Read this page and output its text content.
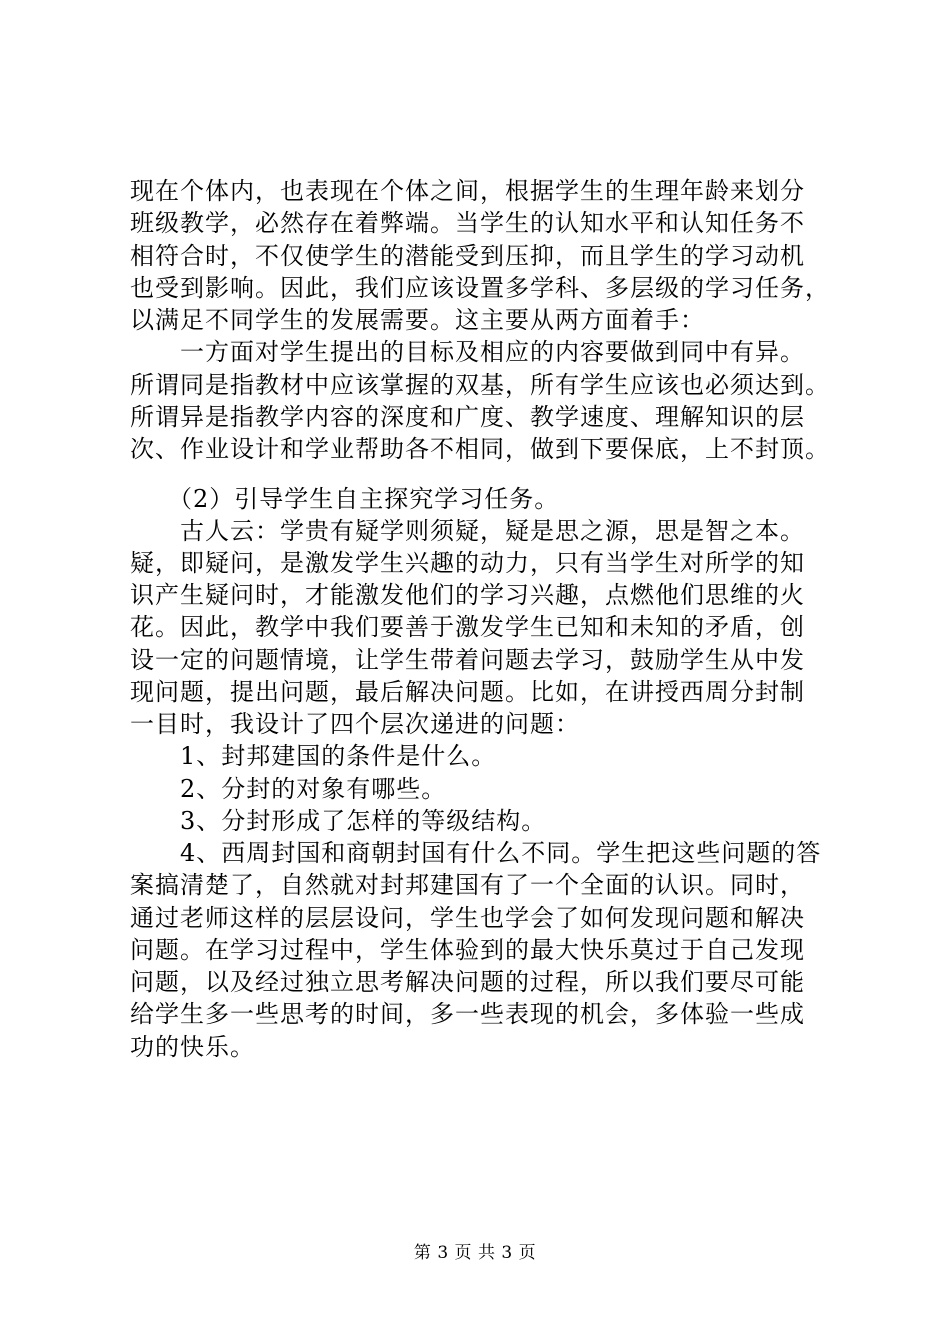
现在个体内，也表现在个体之间，根据学生的生理年龄来划分
班级教学，必然存在着弊端。当学生的认知水平和认知任务不
相符合时，不仅使学生的潜能受到压抑，而且学生的学习动机
也受到影响。因此，我们应该设置多学科、多层级的学习任务，
以满足不同学生的发展需要。这主要从两方面着手：
　　一方面对学生提出的目标及相应的内容要做到同中有异。
所谓同是指教材中应该掌握的双基，所有学生应该也必须达到。
所谓异是指教学内容的深度和广度、教学速度、理解知识的层
次、作业设计和学业帮助各不相同，做到下要保底，上不封顶。
　　（2）引导学生自主探究学习任务。
　　古人云：学贵有疑学则须疑，疑是思之源，思是智之本。
疑，即疑问，是激发学生兴趣的动力，只有当学生对所学的知
识产生疑问时，才能激发他们的学习兴趣，点燃他们思维的火
花。因此，教学中我们要善于激发学生已知和未知的矛盾，创
设一定的问题情境，让学生带着问题去学习，鼓励学生从中发
现问题，提出问题，最后解决问题。比如，在讲授西周分封制
一目时，我设计了四个层次递进的问题：
　　1、封邦建国的条件是什么。
　　2、分封的对象有哪些。
　　3、分封形成了怎样的等级结构。
　　4、西周封国和商朝封国有什么不同。学生把这些问题的答
案搞清楚了，自然就对封邦建国有了一个全面的认识。同时，
通过老师这样的层层设问，学生也学会了如何发现问题和解决
问题。在学习过程中，学生体验到的最大快乐莫过于自己发现
问题，以及经过独立思考解决问题的过程，所以我们要尽可能
给学生多一些思考的时间，多一些表现的机会，多体验一些成
功的快乐。
第 3 页 共 3 页
